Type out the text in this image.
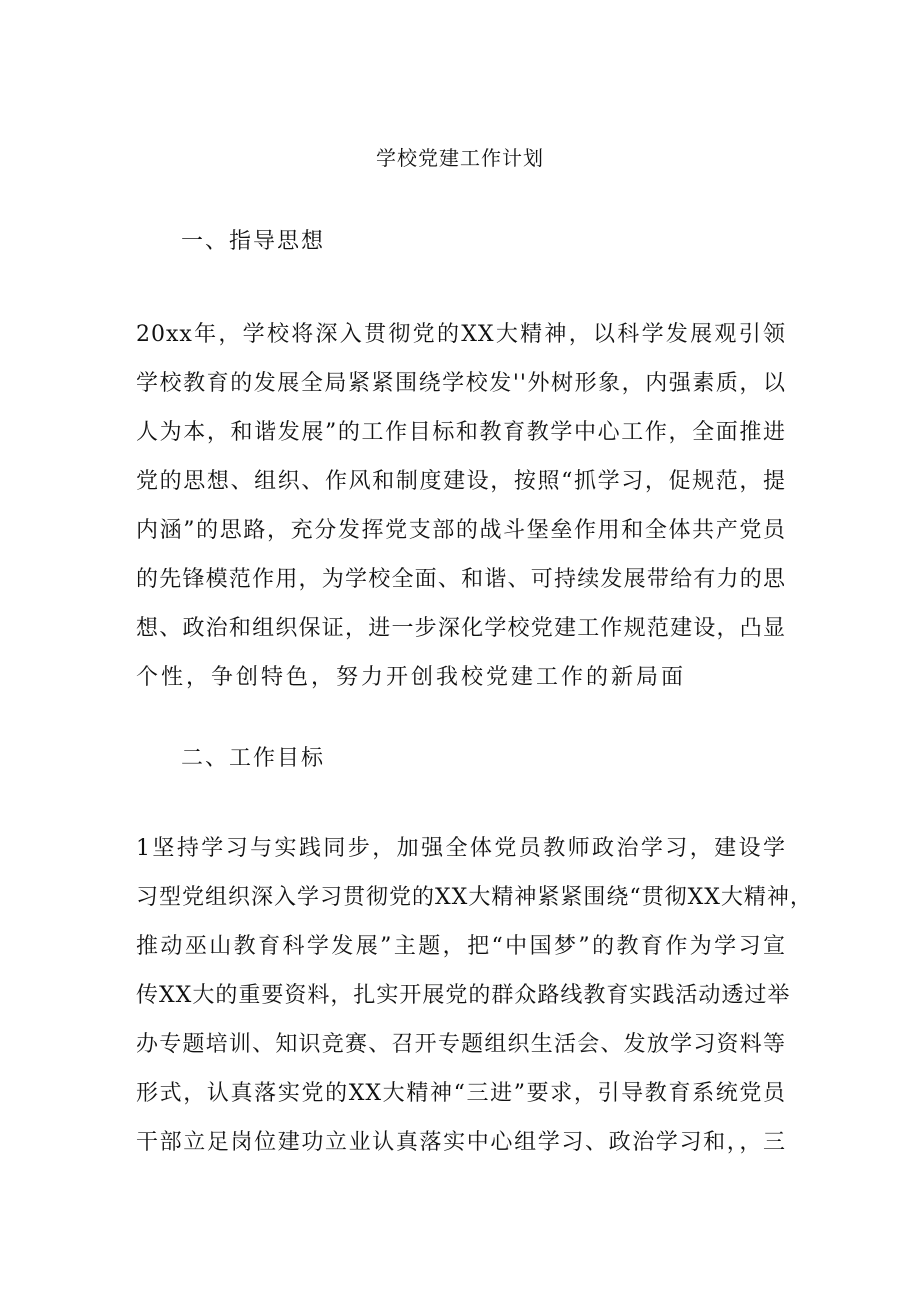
学校党建工作计划
一、指导思想
20xx年，学校将深入贯彻党的XX大精神，以科学发展观引领
学校教育的发展全局紧紧围绕学校发''外树形象，内强素质，以
人为本，和谐发展”的工作目标和教育教学中心工作，全面推进
党的思想、组织、作风和制度建设，按照“抓学习，促规范，提
内涵”的思路，充分发挥党支部的战斗堡垒作用和全体共产党员
的先锋模范作用，为学校全面、和谐、可持续发展带给有力的思
想、政治和组织保证，进一步深化学校党建工作规范建设，凸显
个性，争创特色，努力开创我校党建工作的新局面
二、工作目标
1坚持学习与实践同步，加强全体党员教师政治学习，建设学
习型党组织深入学习贯彻党的XX大精神紧紧围绕“贯彻XX大精神，
推动巫山教育科学发展”主题，把“中国梦”的教育作为学习宣
传XX大的重要资料，扎实开展党的群众路线教育实践活动透过举
办专题培训、知识竞赛、召开专题组织生活会、发放学习资料等
形式，认真落实党的XX大精神“三进”要求，引导教育系统党员
干部立足岗位建功立业认真落实中心组学习、政治学习和，，三
